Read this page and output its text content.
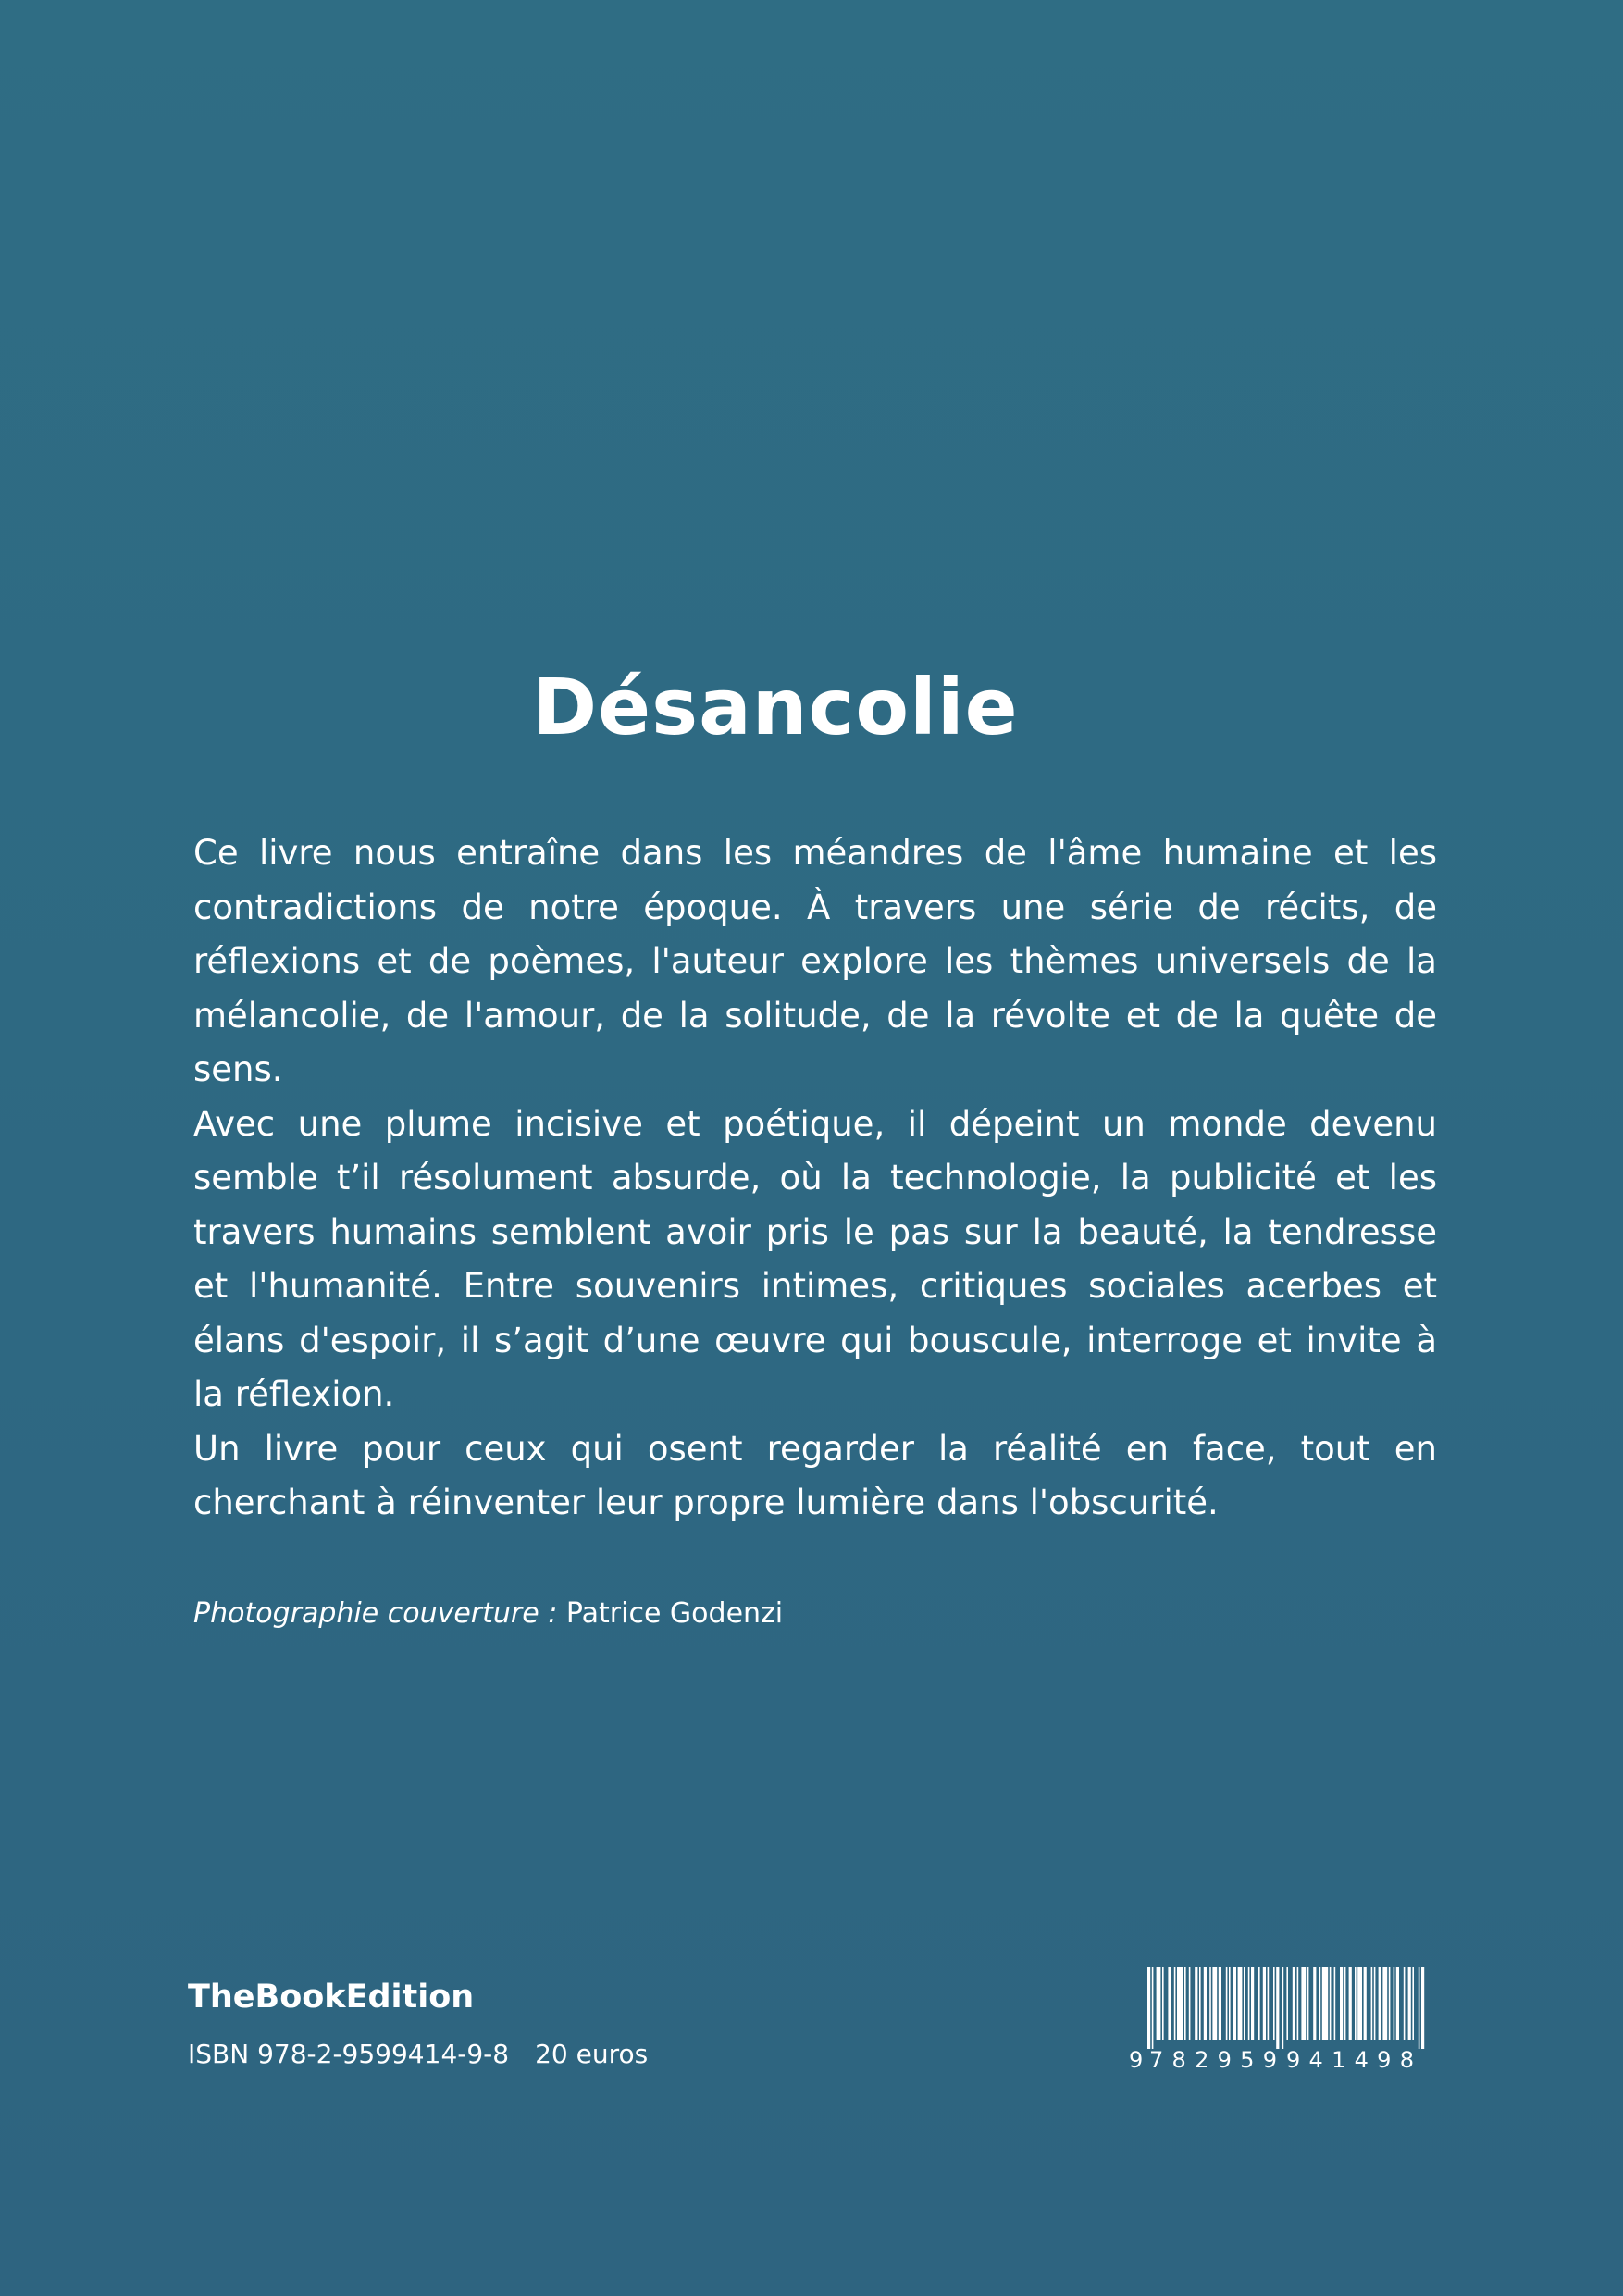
Désancolie

Ce livre nous entraîne dans les méandres de l'âme humaine et les contradictions de notre époque. À travers une série de récits, de réflexions et de poèmes, l'auteur explore les thèmes universels de la mélancolie, de l'amour, de la solitude, de la révolte et de la quête de sens.

Avec une plume incisive et poétique, il dépeint un monde devenu semble t’il résolument absurde, où la technologie, la publicité et les travers humains semblent avoir pris le pas sur la beauté, la tendresse et l'humanité. Entre souvenirs intimes, critiques sociales acerbes et élans d'espoir, il s’agit d’une œuvre qui bouscule, interroge et invite à la réflexion.

Un livre pour ceux qui osent regarder la réalité en face, tout en cherchant à réinventer leur propre lumière dans l'obscurité.

Photographie couverture : Patrice Godenzi
TheBookEdition
ISBN 978-2-9599414-9-8 20 euros	9 782959 941498
